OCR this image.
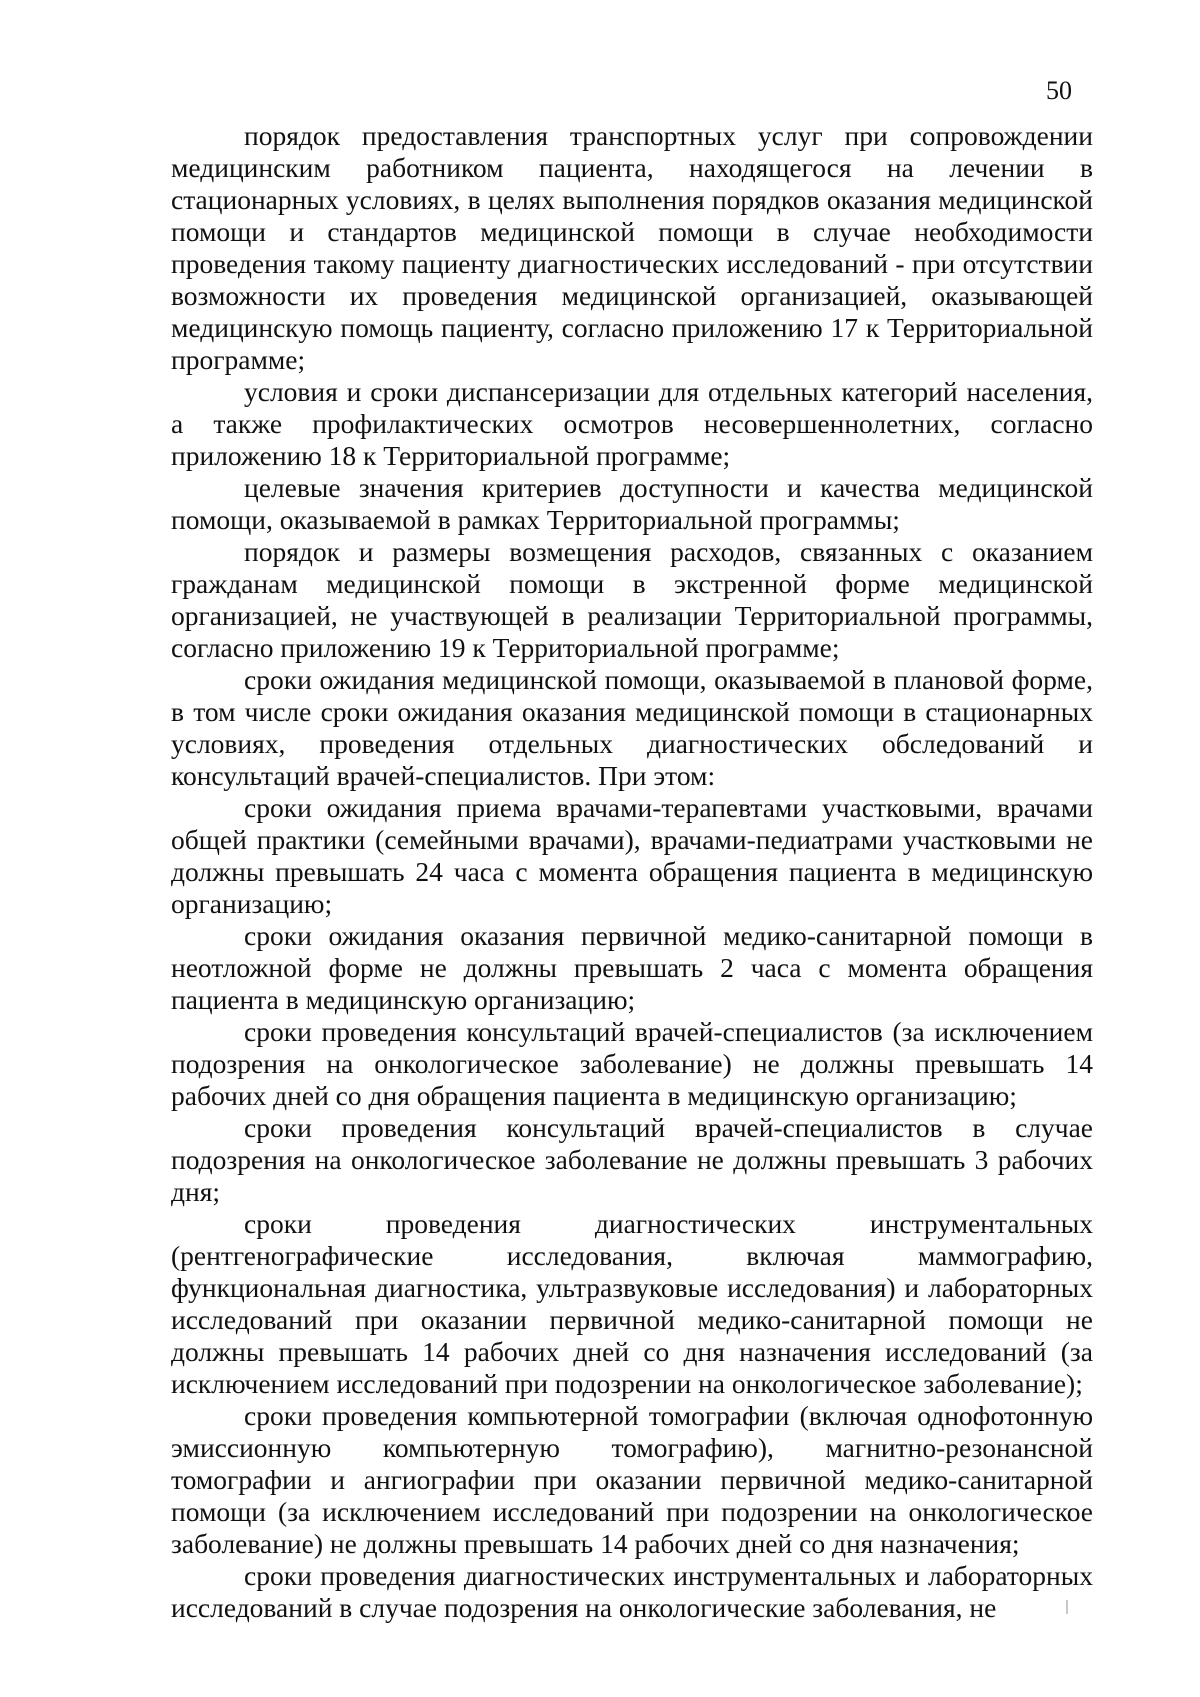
50

порядок предоставления транспортных услуг при сопровождении медицинским работником пациента, находящегося на лечении в стационарных условиях, в целях выполнения порядков оказания медицинской помощи и стандартов медицинской помощи в случае необходимости проведения такому пациенту диагностических исследований - при отсутствии возможности их проведения медицинской организацией, оказывающей медицинскую помощь пациенту, согласно приложению 17 к Территориальной программе;

условия и сроки диспансеризации для отдельных категорий населения, а также профилактических осмотров несовершеннолетних, согласно приложению 18 к Территориальной программе;

целевые значения критериев доступности и качества медицинской помощи, оказываемой в рамках Территориальной программы;

порядок и размеры возмещения расходов, связанных с оказанием гражданам медицинской помощи в экстренной форме медицинской организацией, не участвующей в реализации Территориальной программы, согласно приложению 19 к Территориальной программе;

сроки ожидания медицинской помощи, оказываемой в плановой форме, в том числе сроки ожидания оказания медицинской помощи в стационарных условиях, проведения отдельных диагностических обследований и консультаций врачей-специалистов. При этом:

сроки ожидания приема врачами-терапевтами участковыми, врачами общей практики (семейными врачами), врачами-педиатрами участковыми не должны превышать 24 часа с момента обращения пациента в медицинскую организацию;

сроки ожидания оказания первичной медико-санитарной помощи в неотложной форме не должны превышать 2 часа с момента обращения пациента в медицинскую организацию;

сроки проведения консультаций врачей-специалистов (за исключением подозрения на онкологическое заболевание) не должны превышать 14 рабочих дней со дня обращения пациента в медицинскую организацию;

сроки проведения консультаций врачей-специалистов в случае подозрения на онкологическое заболевание не должны превышать 3 рабочих дня;

сроки проведения диагностических инструментальных (рентгенографические исследования, включая маммографию, функциональная диагностика, ультразвуковые исследования) и лабораторных исследований при оказании первичной медико-санитарной помощи не должны превышать 14 рабочих дней со дня назначения исследований (за исключением исследований при подозрении на онкологическое заболевание);

сроки проведения компьютерной томографии (включая однофотонную эмиссионную компьютерную томографию), магнитно-резонансной томографии и ангиографии при оказании первичной медико-санитарной помощи (за исключением исследований при подозрении на онкологическое заболевание) не должны превышать 14 рабочих дней со дня назначения;

сроки проведения диагностических инструментальных и лабораторных исследований в случае подозрения на онкологические заболевания, не
